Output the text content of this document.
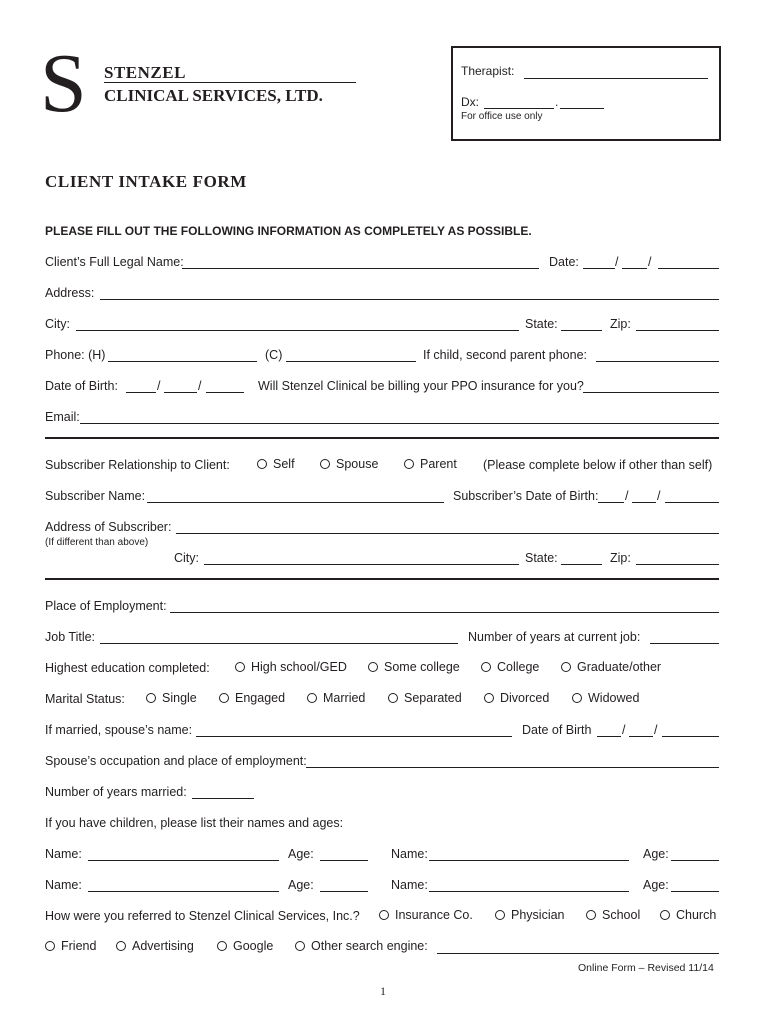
S STENZEL
CLINICAL SERVICES, LTD.
Therapist:
Dx:	.
For office use only
CLIENT INTAKE FORM
PLEASE FILL OUT THE FOLLOWING INFORMATION AS COMPLETELY AS POSSIBLE.
Client’s Full Legal Name:	Date:	/ /
Address:
City:	State:	Zip:
Phone: (H)	(C)	If child, second parent phone:
Date of Birth:	/	/	Will Stenzel Clinical be billing your PPO insurance for you?
Email:
Subscriber Relationship to Client:	Self	Spouse	Parent (Please complete below if other than self)
Subscriber Name:	Subscriber’s Date of Birth: / /
Address of Subscriber:
(If different than above)
City:	State:	Zip:
Place of Employment:
Job Title:	Number of years at current job:
Highest education completed:	High school/GED	Some college	College	Graduate/other
Marital Status:	Single	Engaged	Married	Separated	Divorced	Widowed
If married, spouse’s name:	Date of Birth / /
Spouse’s occupation and place of employment:
Number of years married:
If you have children, please list their names and ages:
Name:	Age:	Name:	Age:
Name:	Age:	Name:	Age:
How were you referred to Stenzel Clinical Services, Inc.?	Insurance Co.	Physician	School	Church
Friend	Advertising	Google	Other search engine:
Online Form – Revised 11/14
1
